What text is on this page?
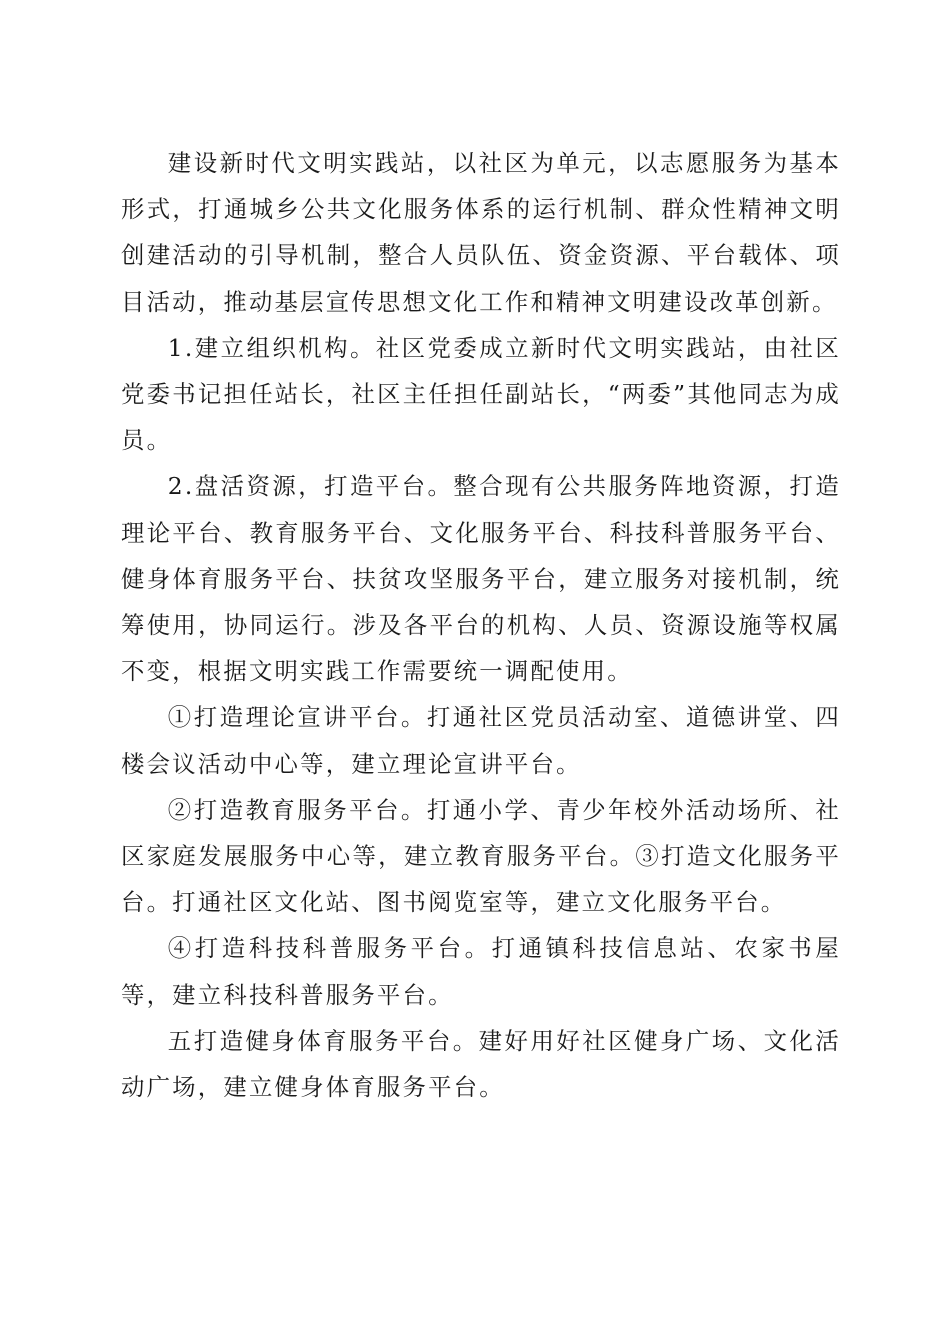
建设新时代文明实践站，以社区为单元，以志愿服务为基本形式，打通城乡公共文化服务体系的运行机制、群众性精神文明创建活动的引导机制，整合人员队伍、资金资源、平台载体、项目活动，推动基层宣传思想文化工作和精神文明建设改革创新。

1.建立组织机构。社区党委成立新时代文明实践站，由社区党委书记担任站长，社区主任担任副站长，“两委”其他同志为成员。

2.盘活资源，打造平台。整合现有公共服务阵地资源，打造理论平台、教育服务平台、文化服务平台、科技科普服务平台、健身体育服务平台、扶贫攻坚服务平台，建立服务对接机制，统筹使用，协同运行。涉及各平台的机构、人员、资源设施等权属不变，根据文明实践工作需要统一调配使用。

①打造理论宣讲平台。打通社区党员活动室、道德讲堂、四楼会议活动中心等，建立理论宣讲平台。

②打造教育服务平台。打通小学、青少年校外活动场所、社区家庭发展服务中心等，建立教育服务平台。③打造文化服务平台。打通社区文化站、图书阅览室等，建立文化服务平台。

④打造科技科普服务平台。打通镇科技信息站、农家书屋等，建立科技科普服务平台。

五打造健身体育服务平台。建好用好社区健身广场、文化活动广场，建立健身体育服务平台。
